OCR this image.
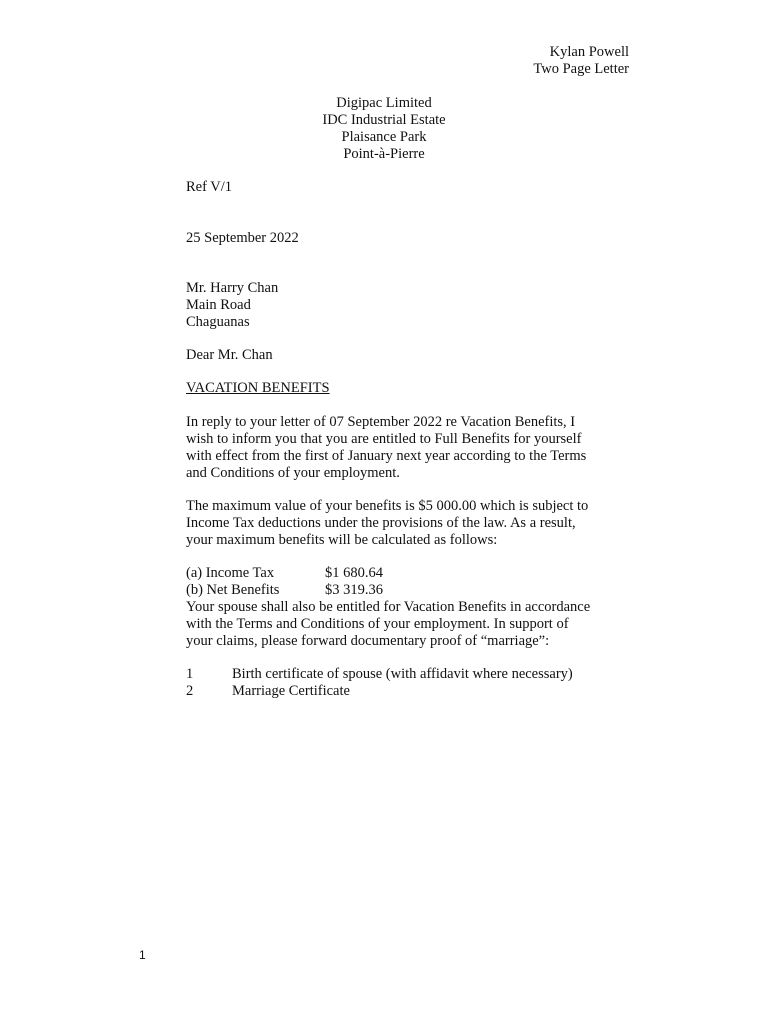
Kylan Powell
Two Page Letter
Digipac Limited
IDC Industrial Estate
Plaisance Park
Point-à-Pierre
Ref V/1
25 September 2022
Mr. Harry Chan
Main Road
Chaguanas
Dear Mr. Chan
VACATION BENEFITS
In reply to your letter of 07 September 2022 re Vacation Benefits, I
wish to inform you that you are entitled to Full Benefits for yourself
with effect from the first of January next year according to the Terms
and Conditions of your employment.
The maximum value of your benefits is $5 000.00 which is subject to
Income Tax deductions under the provisions of the law. As a result,
your maximum benefits will be calculated as follows:
(a) Income Tax	$1 680.64
(b) Net Benefits	$3 319.36
Your spouse shall also be entitled for Vacation Benefits in accordance
with the Terms and Conditions of your employment. In support of
your claims, please forward documentary proof of “marriage”:
1	Birth certificate of spouse (with affidavit where necessary)
2	Marriage Certificate
1
